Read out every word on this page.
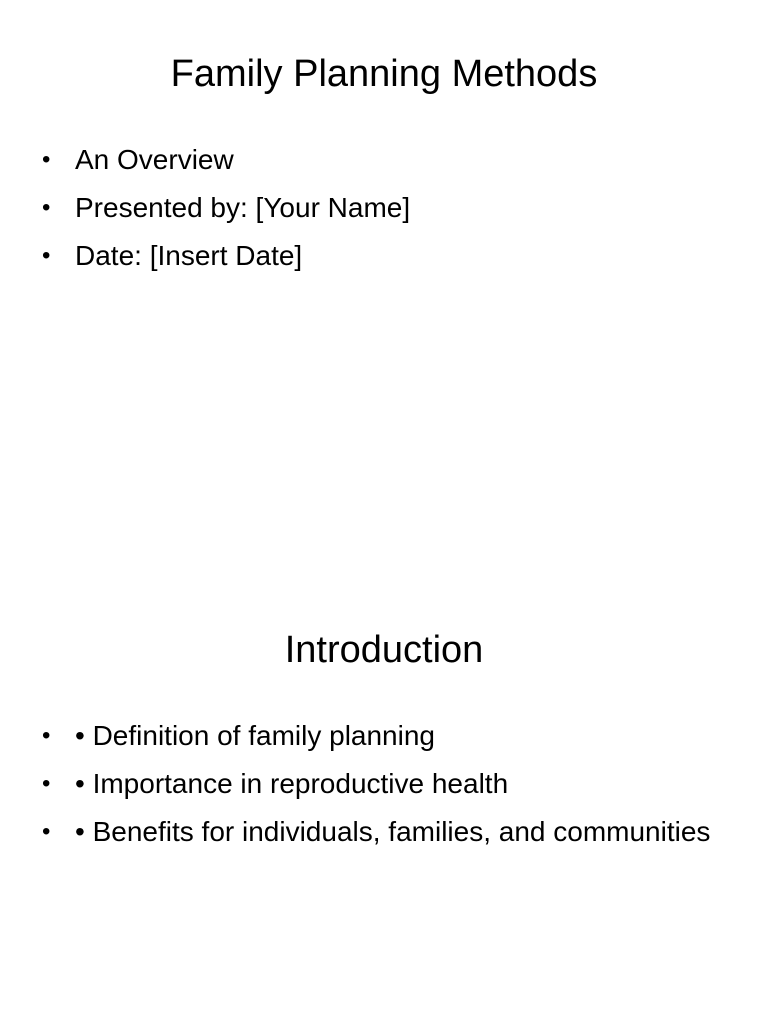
Family Planning Methods
• An Overview
• Presented by: [Your Name]
• Date: [Insert Date]
Introduction
• • Definition of family planning
• • Importance in reproductive health
• • Benefits for individuals, families, and communities
